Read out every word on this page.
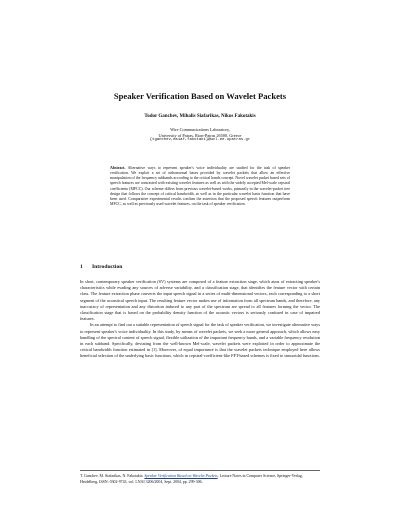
Speaker Verification Based on Wavelet Packets
Todor Ganchev, Mihalis Siafarikas, Nikos Fakotakis
Wire Communications Laboratory,
University of Patras, Rion-Patras 26500, Greece
{tganchev,msiaf,fakotaki}@wcl.ee.upatras.gr
Abstract. Alternative ways to represent speaker's voice individuality are studied for the task of speaker verification. We exploit a set of orthonormal bases provided by wavelet packets that allow an effective manipulation of the frequency subbands according to the critical bands concept. Novel wavelet packet based sets of speech features are contrasted with existing wavelet features as well as with the widely accepted Mel-scale cepstral coefficients (MFCC). Our scheme differs from previous wavelet-based works, primarily in the wavelet-packet tree design that follows the concept of critical bandwidth, as well as in the particular wavelet basis function that have been used. Comparative experimental results confirm the assertion that the proposed speech features outperform MFCC, as well as previously used wavelet features, on the task of speaker verification.
1 Introduction

In short, contemporary speaker verification (SV) systems are composed of a feature extraction stage, which aims of extracting speaker's characteristics while evading any sources of adverse variability, and a classification stage, that identifies the feature vector with certain class. The feature extraction phase converts the input speech signal in a series of multi-dimensional vectors, each corresponding to a short segment of the acoustical speech input. The resulting feature vector makes use of information from all spectrum bands, and therefore, any inaccuracy of representation and any distortion induced to any part of the spectrum are spread to all features forming the vector. The classification stage that is based on the probability density function of the acoustic vectors is seriously confused in case of impaired features.

In an attempt to find out a suitable representation of speech signal for the task of speaker verification, we investigate alternative ways to represent speaker's voice individuality. In this study, by means of wavelet packets, we seek a more general approach, which allows easy handling of the spectral content of speech signal, flexible utilization of the important frequency bands, and a variable frequency resolution in each subband. Specifically, deviating from the well-known Mel-scale, wavelet packets were exploited in order to approximate the critical bandwidth function estimated in [1]. Moreover, of equal importance is that the wavelet packets technique employed here allows beneficial selection of the underlying basic functions, which in cepstral-coefficient-like FFT-based schemes is fixed to sinusoidal functions.

T. Ganchev, M. Siafarikas, N. Fakotakis: Speaker Verification Based on Wavelet Packets, Lecture Notes in Computer Science, Springer-Verlag, Heidelberg, ISSN: 0302-9743, vol. LNAI 3206/2004, Sept. 2004, pp. 299-306.
